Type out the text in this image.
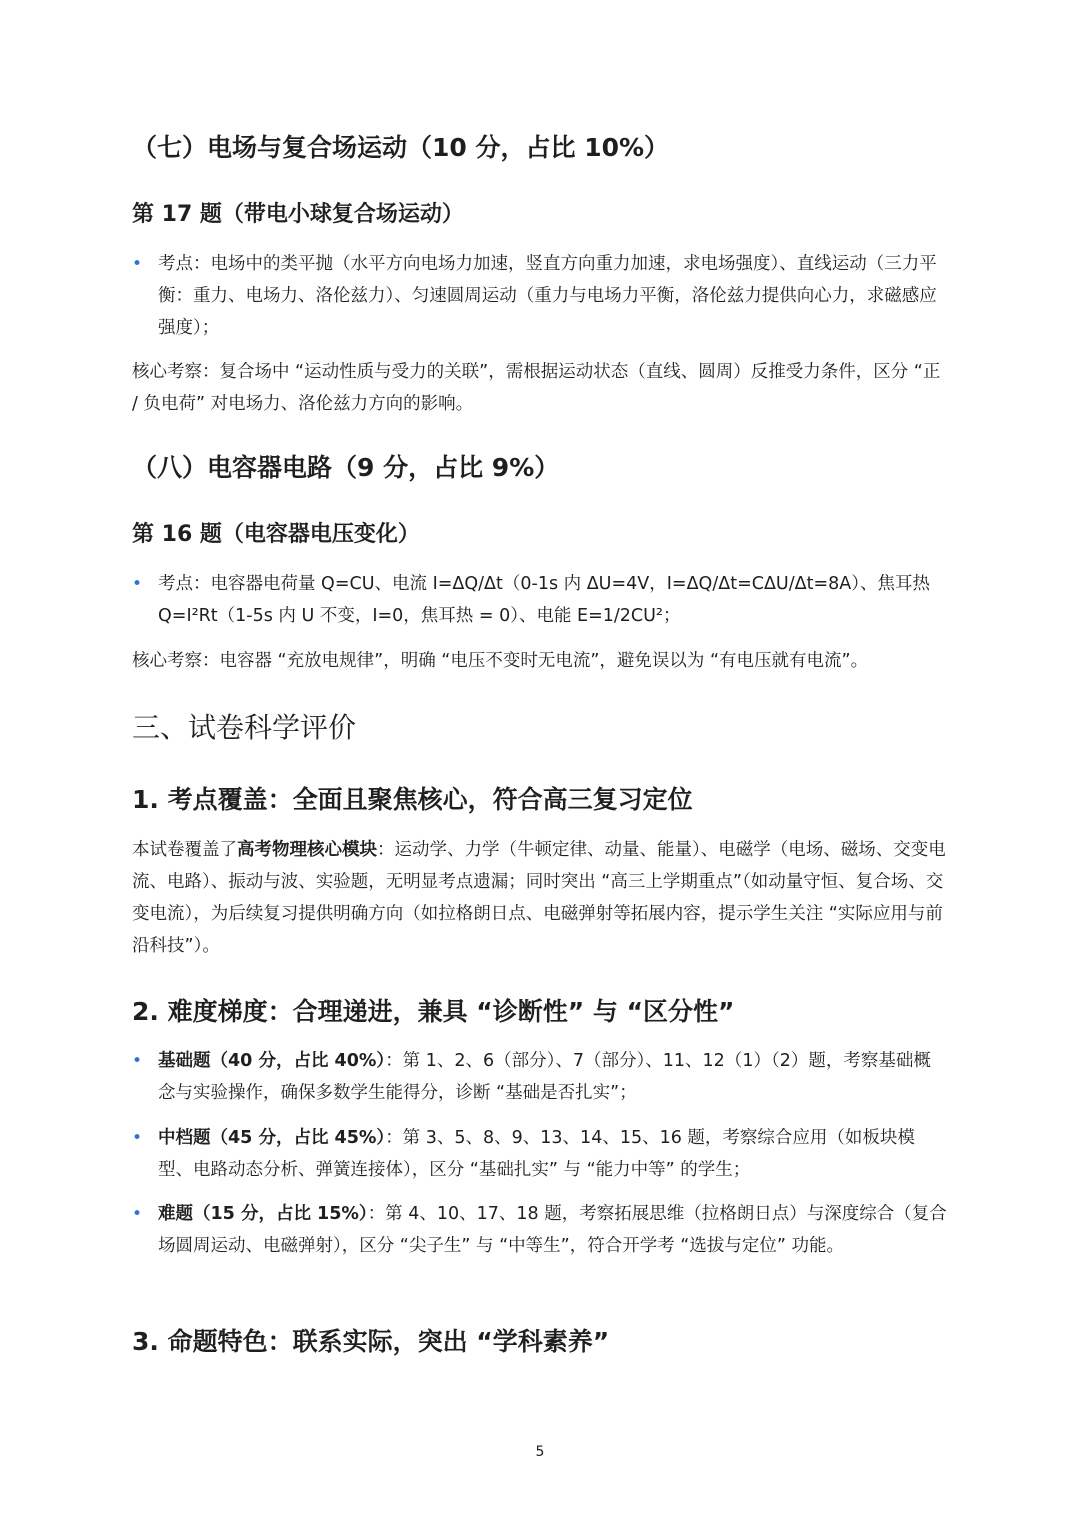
（七）电场与复合场运动（10 分，占比 10%）
第 17 题（带电小球复合场运动）
• 考点：电场中的类平抛（水平方向电场力加速，竖直方向重力加速，求电场强度）、直线运动（三力平衡：重力、电场力、洛伦兹力）、匀速圆周运动（重力与电场力平衡，洛伦兹力提供向心力，求磁感应强度）；
核心考察：复合场中 “运动性质与受力的关联”，需根据运动状态（直线、圆周）反推受力条件，区分 “正 / 负电荷” 对电场力、洛伦兹力方向的影响。
（八）电容器电路（9 分，占比 9%）
第 16 题（电容器电压变化）
• 考点：电容器电荷量 Q=CU、电流 I=ΔQ/Δt（0-1s 内 ΔU=4V，I=ΔQ/Δt=CΔU/Δt=8A）、焦耳热 Q=I²Rt（1-5s 内 U 不变，I=0，焦耳热 = 0）、电能 E=1/2CU²；
核心考察：电容器 “充放电规律”，明确 “电压不变时无电流”，避免误以为 “有电压就有电流”。
三、试卷科学评价
1. 考点覆盖：全面且聚焦核心，符合高三复习定位
本试卷覆盖了高考物理核心模块：运动学、力学（牛顿定律、动量、能量）、电磁学（电场、磁场、交变电流、电路）、振动与波、实验题，无明显考点遗漏；同时突出 “高三上学期重点”（如动量守恒、复合场、交变电流），为后续复习提供明确方向（如拉格朗日点、电磁弹射等拓展内容，提示学生关注 “实际应用与前沿科技”）。
2. 难度梯度：合理递进，兼具 “诊断性” 与 “区分性”
• 基础题（40 分，占比 40%）：第 1、2、6（部分）、7（部分）、11、12（1）（2）题，考察基础概念与实验操作，确保多数学生能得分，诊断 “基础是否扎实”；
• 中档题（45 分，占比 45%）：第 3、5、8、9、13、14、15、16 题，考察综合应用（如板块模型、电路动态分析、弹簧连接体），区分 “基础扎实” 与 “能力中等” 的学生；
• 难题（15 分，占比 15%）：第 4、10、17、18 题，考察拓展思维（拉格朗日点）与深度综合（复合场圆周运动、电磁弹射），区分 “尖子生” 与 “中等生”，符合开学考 “选拔与定位” 功能。
3. 命题特色：联系实际，突出 “学科素养”
5
